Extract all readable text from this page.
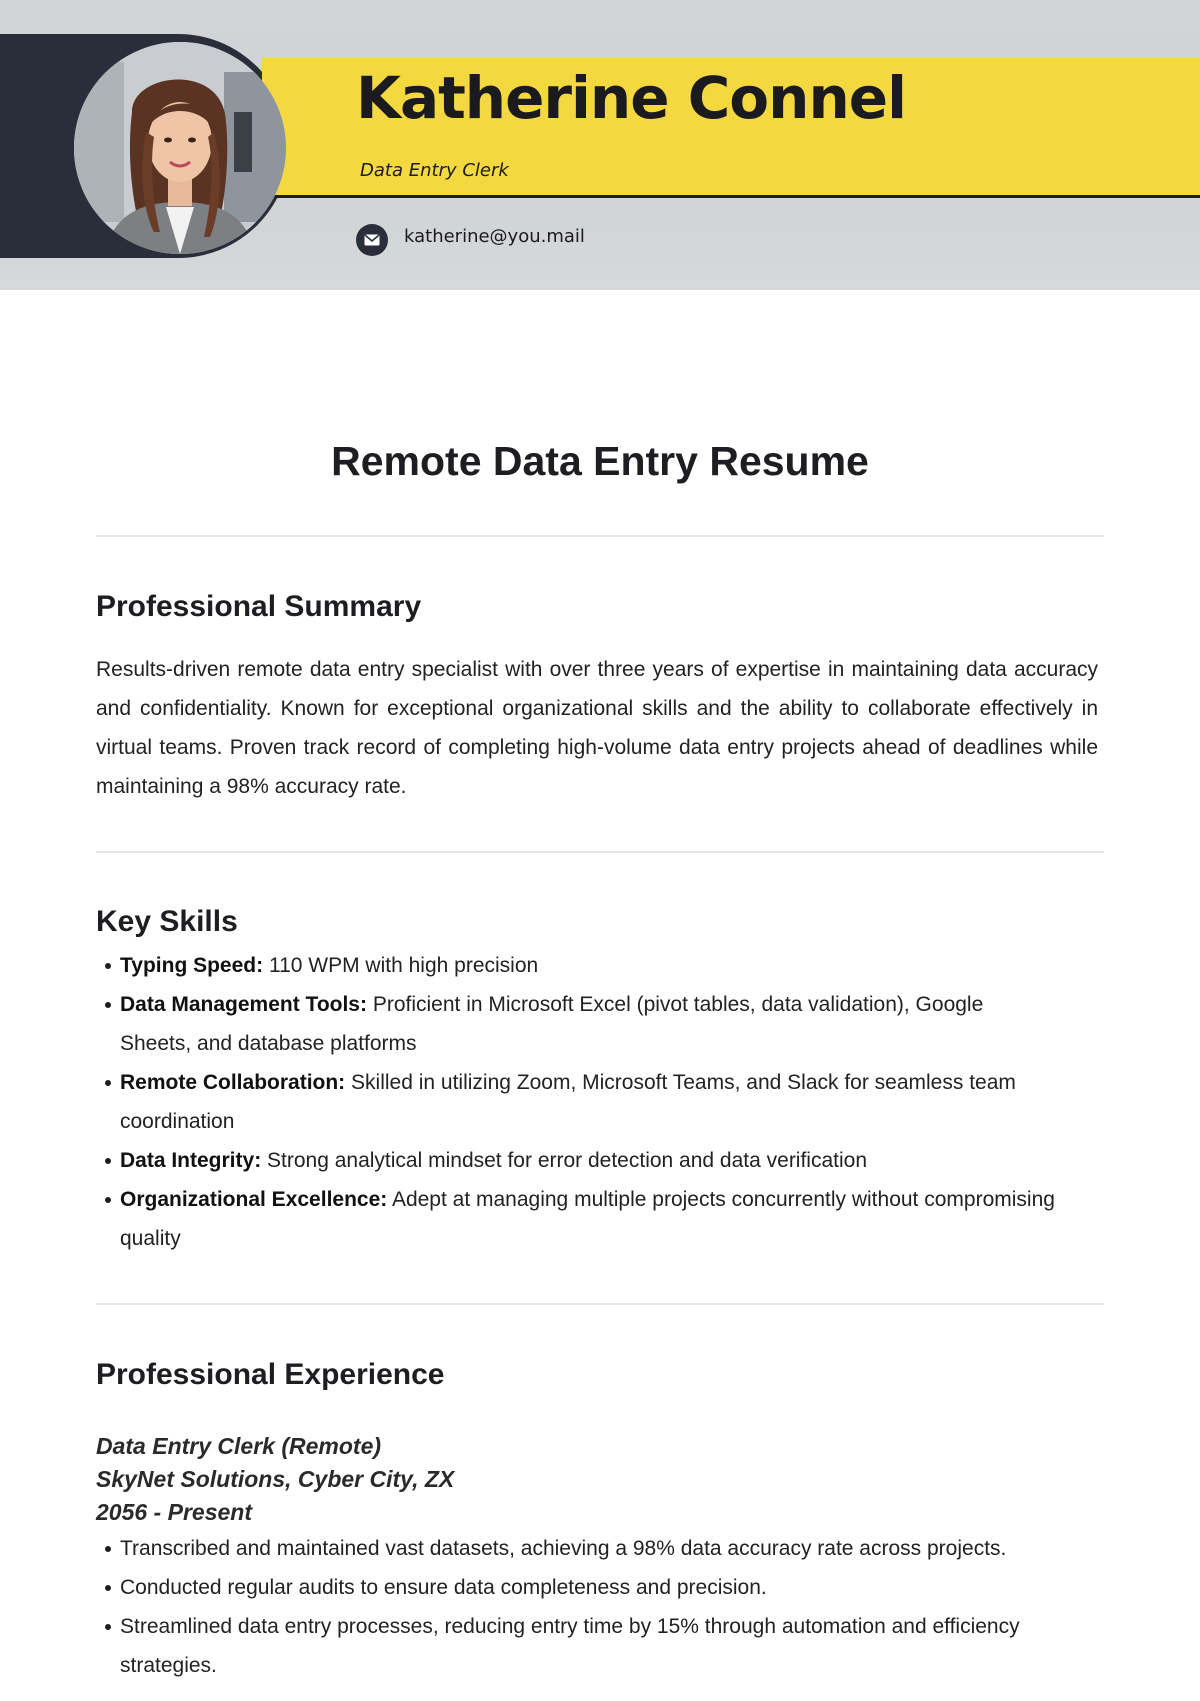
Katherine Connel
Data Entry Clerk
katherine@you.mail
Remote Data Entry Resume
Professional Summary

Results-driven remote data entry specialist with over three years of expertise in maintaining data accuracy and confidentiality. Known for exceptional organizational skills and the ability to collaborate effectively in virtual teams. Proven track record of completing high-volume data entry projects ahead of deadlines while maintaining a 98% accuracy rate.

Key Skills
Typing Speed: 110 WPM with high precision
Data Management Tools: Proficient in Microsoft Excel (pivot tables, data validation), Google Sheets, and database platforms
Remote Collaboration: Skilled in utilizing Zoom, Microsoft Teams, and Slack for seamless team coordination
Data Integrity: Strong analytical mindset for error detection and data verification
Organizational Excellence: Adept at managing multiple projects concurrently without compromising quality
Professional Experience
Data Entry Clerk (Remote)
SkyNet Solutions, Cyber City, ZX
2056 - Present
Transcribed and maintained vast datasets, achieving a 98% data accuracy rate across projects.
Conducted regular audits to ensure data completeness and precision.
Streamlined data entry processes, reducing entry time by 15% through automation and efficiency strategies.
